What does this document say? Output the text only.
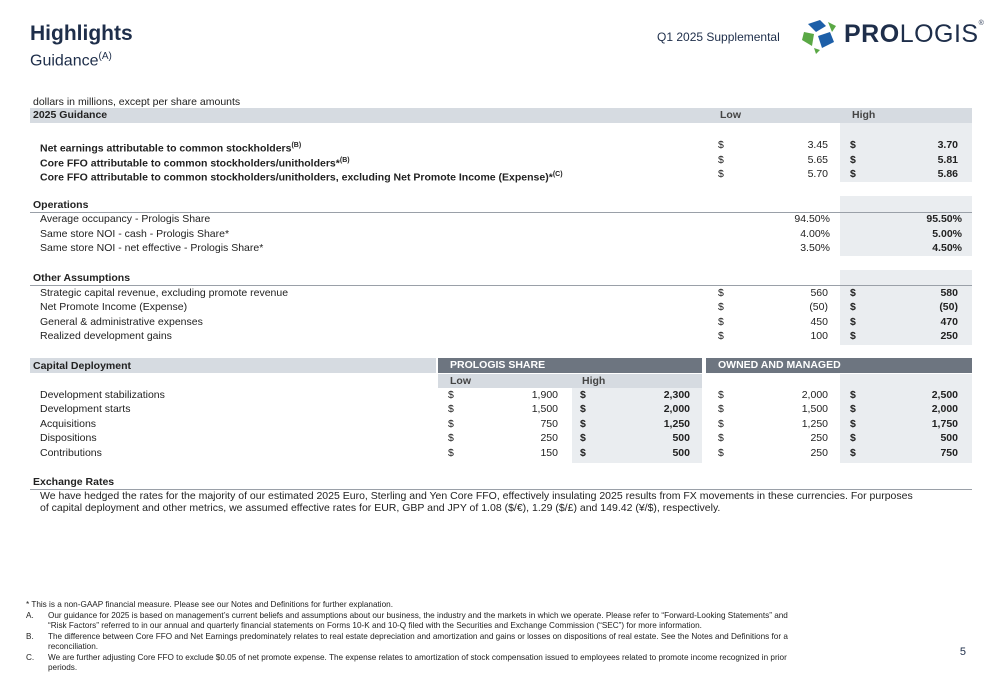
Highlights
Guidance$^{(A)}$
Q1 2025 Supplemental	PROLOGIS®
dollars in millions, except per share amounts
2025 Guidance	Low	High
Net earnings attributable to common stockholders$^{(B)}$	$	3.45 $	3.70
Core FFO attributable to common stockholders/unitholders*$^{(B)}$	$	5.65 $	5.81
Core FFO attributable to common stockholders/unitholders, excluding Net Promote Income (Expense)*$^{(C)}$	$	5.70 $	5.86
Operations
Average occupancy - Prologis Share	94.50%	95.50%
Same store NOI - cash - Prologis Share*	4.00%	5.00%
Same store NOI - net effective - Prologis Share*	3.50%	4.50%
Other Assumptions
Strategic capital revenue, excluding promote revenue	$	560 $	580
Net Promote Income (Expense)	$	(50) $	(50)
General & administrative expenses	$	450 $	470
Realized development gains	$	100 $	250
Capital Deployment	PROLOGIS SHARE	OWNED AND MANAGED
Low	High
Development stabilizations	$	1,900 $	2,300	$	2,000 $	2,500
Development starts	$	1,500 $	2,000	$	1,500 $	2,000
Acquisitions	$	750 $	1,250	$	1,250 $	1,750
Dispositions	$	250 $	500	$	250 $	500
Contributions	$	150 $	500	$	250 $	750
Exchange Rates
We have hedged the rates for the majority of our estimated 2025 Euro, Sterling and Yen Core FFO, effectively insulating 2025 results from FX movements in these currencies. For purposes
of capital deployment and other metrics, we assumed effective rates for EUR, GBP and JPY of 1.08 ($/€), 1.29 ($/£) and 149.42 (¥/$), respectively.
* This is a non-GAAP financial measure. Please see our Notes and Definitions for further explanation.
A. Our guidance for 2025 is based on management’s current beliefs and assumptions about our business, the industry and the markets in which we operate. Please refer to “Forward-Looking Statements” and
“Risk Factors” referred to in our annual and quarterly financial statements on Forms 10-K and 10-Q filed with the Securities and Exchange Commission (“SEC”) for more information.
B. The difference between Core FFO and Net Earnings predominately relates to real estate depreciation and amortization and gains or losses on dispositions of real estate. See the Notes and Definitions for a
reconciliation.
C. We are further adjusting Core FFO to exclude $0.05 of net promote expense. The expense relates to amortization of stock compensation issued to employees related to promote income recognized in prior
periods.
5
